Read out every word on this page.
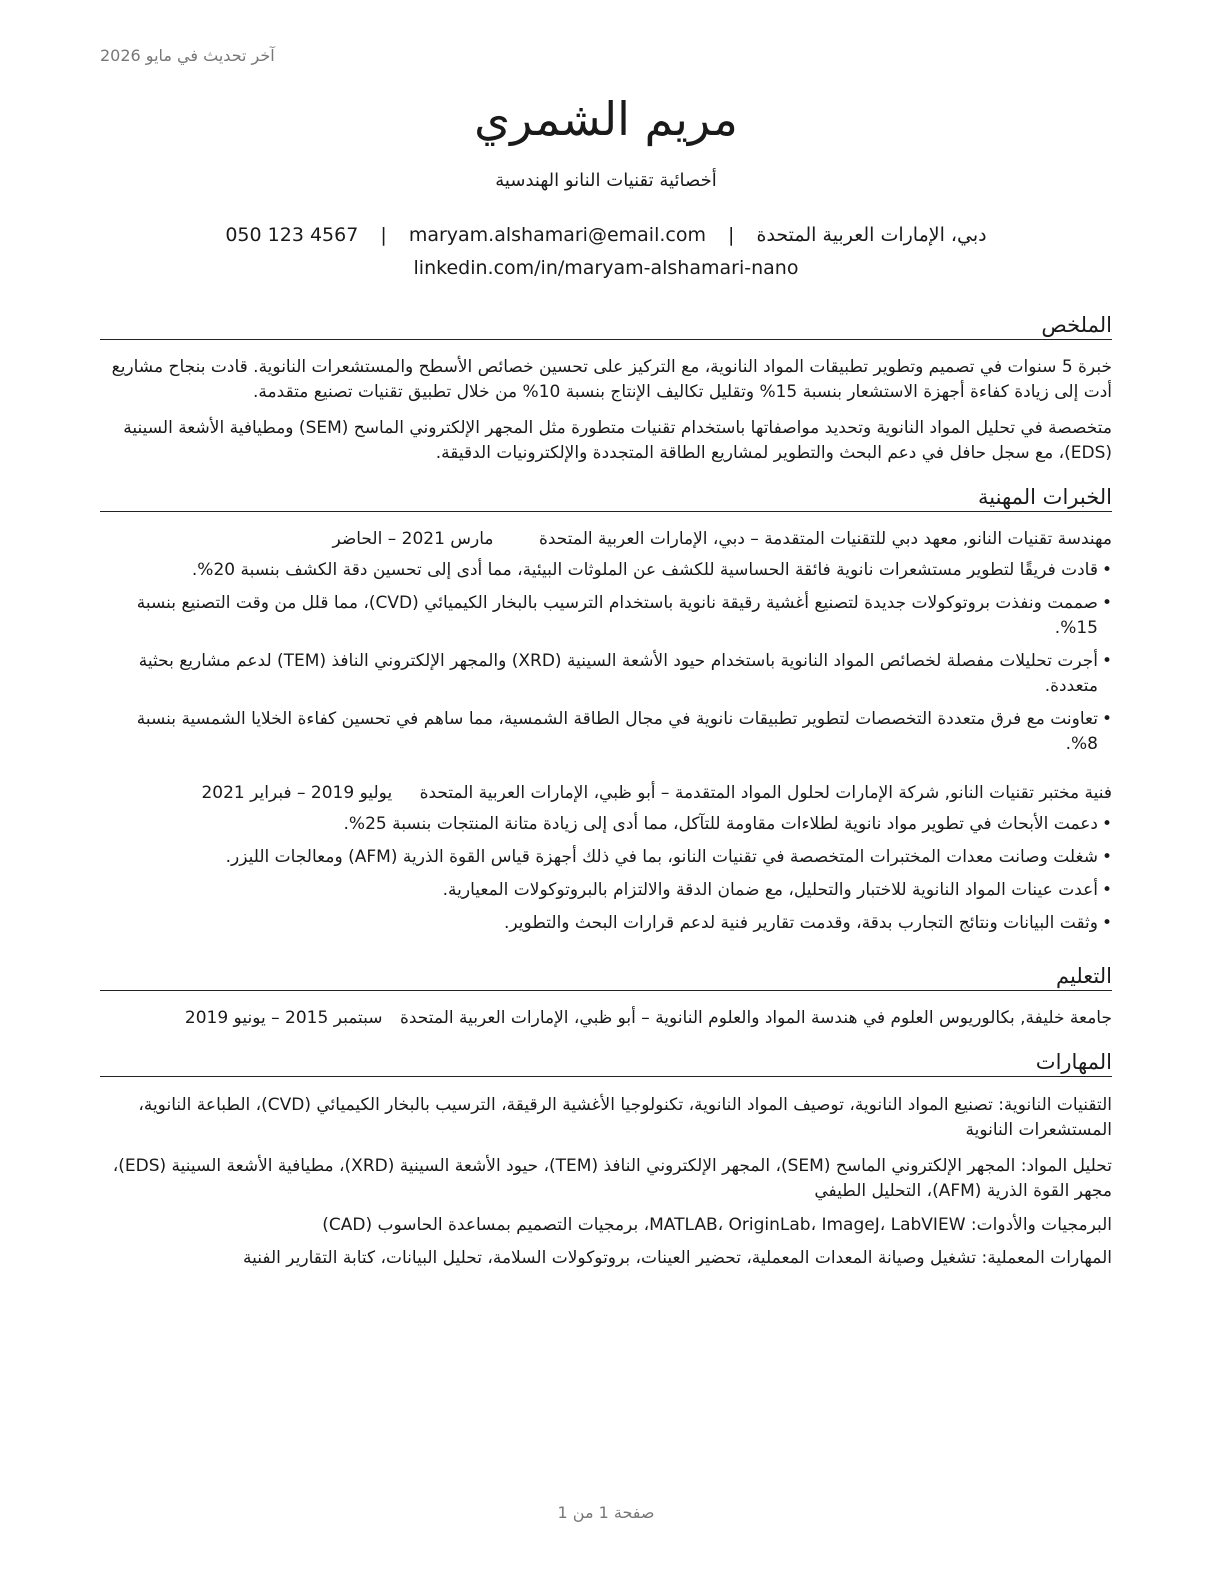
آخر تحديث في مايو 2026
مريم الشمري
أخصائية تقنيات النانو الهندسية
دبي، الإمارات العربية المتحدة | maryam.alshamari@email.com | 050 123 4567
linkedin.com/in/maryam-alshamari-nano
الملخص

خبرة 5 سنوات في تصميم وتطوير تطبيقات المواد النانوية، مع التركيز على تحسين خصائص الأسطح والمستشعرات النانوية. قادت بنجاح مشاريع أدت إلى زيادة كفاءة أجهزة الاستشعار بنسبة 15% وتقليل تكاليف الإنتاج بنسبة 10% من خلال تطبيق تقنيات تصنيع متقدمة.

متخصصة في تحليل المواد النانوية وتحديد مواصفاتها باستخدام تقنيات متطورة مثل المجهر الإلكتروني الماسح (SEM) ومطيافية الأشعة السينية (EDS)، مع سجل حافل في دعم البحث والتطوير لمشاريع الطاقة المتجددة والإلكترونيات الدقيقة.

الخبرات المهنية
مهندسة تقنيات النانو, معهد دبي للتقنيات المتقدمة – دبي، الإمارات العربية المتحدة مارس 2021 – الحاضر
• قادت فريقًا لتطوير مستشعرات نانوية فائقة الحساسية للكشف عن الملوثات البيئية، مما أدى إلى تحسين دقة الكشف بنسبة 20%.
• صممت ونفذت بروتوكولات جديدة لتصنيع أغشية رقيقة نانوية باستخدام الترسيب بالبخار الكيميائي (CVD)، مما قلل من وقت التصنيع بنسبة 15%.
• أجرت تحليلات مفصلة لخصائص المواد النانوية باستخدام حيود الأشعة السينية (XRD) والمجهر الإلكتروني النافذ (TEM) لدعم مشاريع بحثية متعددة.
• تعاونت مع فرق متعددة التخصصات لتطوير تطبيقات نانوية في مجال الطاقة الشمسية، مما ساهم في تحسين كفاءة الخلايا الشمسية بنسبة 8%.
فنية مختبر تقنيات النانو, شركة الإمارات لحلول المواد المتقدمة – أبو ظبي، الإمارات العربية المتحدة يوليو 2019 – فبراير 2021
• دعمت الأبحاث في تطوير مواد نانوية لطلاءات مقاومة للتآكل، مما أدى إلى زيادة متانة المنتجات بنسبة 25%.
• شغلت وصانت معدات المختبرات المتخصصة في تقنيات النانو، بما في ذلك أجهزة قياس القوة الذرية (AFM) ومعالجات الليزر.
• أعدت عينات المواد النانوية للاختبار والتحليل، مع ضمان الدقة والالتزام بالبروتوكولات المعيارية.
• وثقت البيانات ونتائج التجارب بدقة، وقدمت تقارير فنية لدعم قرارات البحث والتطوير.
التعليم
جامعة خليفة, بكالوريوس العلوم في هندسة المواد والعلوم النانوية – أبو ظبي، الإمارات العربية المتحدة سبتمبر 2015 – يونيو 2019
المهارات

التقنيات النانوية: تصنيع المواد النانوية، توصيف المواد النانوية، تكنولوجيا الأغشية الرقيقة، الترسيب بالبخار الكيميائي (CVD)، الطباعة النانوية، المستشعرات النانوية

تحليل المواد: المجهر الإلكتروني الماسح (SEM)، المجهر الإلكتروني النافذ (TEM)، حيود الأشعة السينية (XRD)، مطيافية الأشعة السينية (EDS)، مجهر القوة الذرية (AFM)، التحليل الطيفي

البرمجيات والأدوات: MATLAB، OriginLab، ImageJ، LabVIEW، برمجيات التصميم بمساعدة الحاسوب (CAD)

المهارات المعملية: تشغيل وصيانة المعدات المعملية، تحضير العينات، بروتوكولات السلامة، تحليل البيانات، كتابة التقارير الفنية

صفحة 1 من 1
